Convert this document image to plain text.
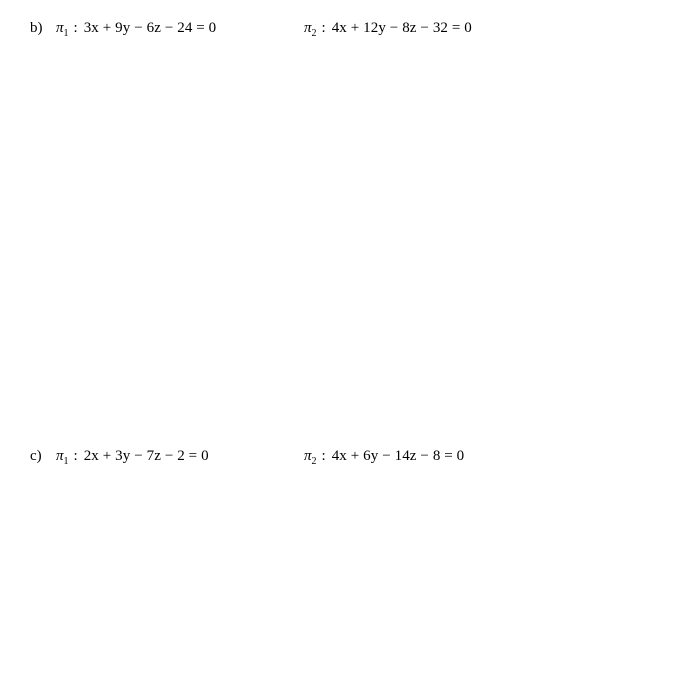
b) $\pi_1$ : 3x + 9y − 6z − 24 = 0	$\pi_2$ : 4x + 12y − 8z − 32 = 0
c) $\pi_1$ : 2x + 3y − 7z − 2 = 0	$\pi_2$ : 4x + 6y − 14z − 8 = 0
